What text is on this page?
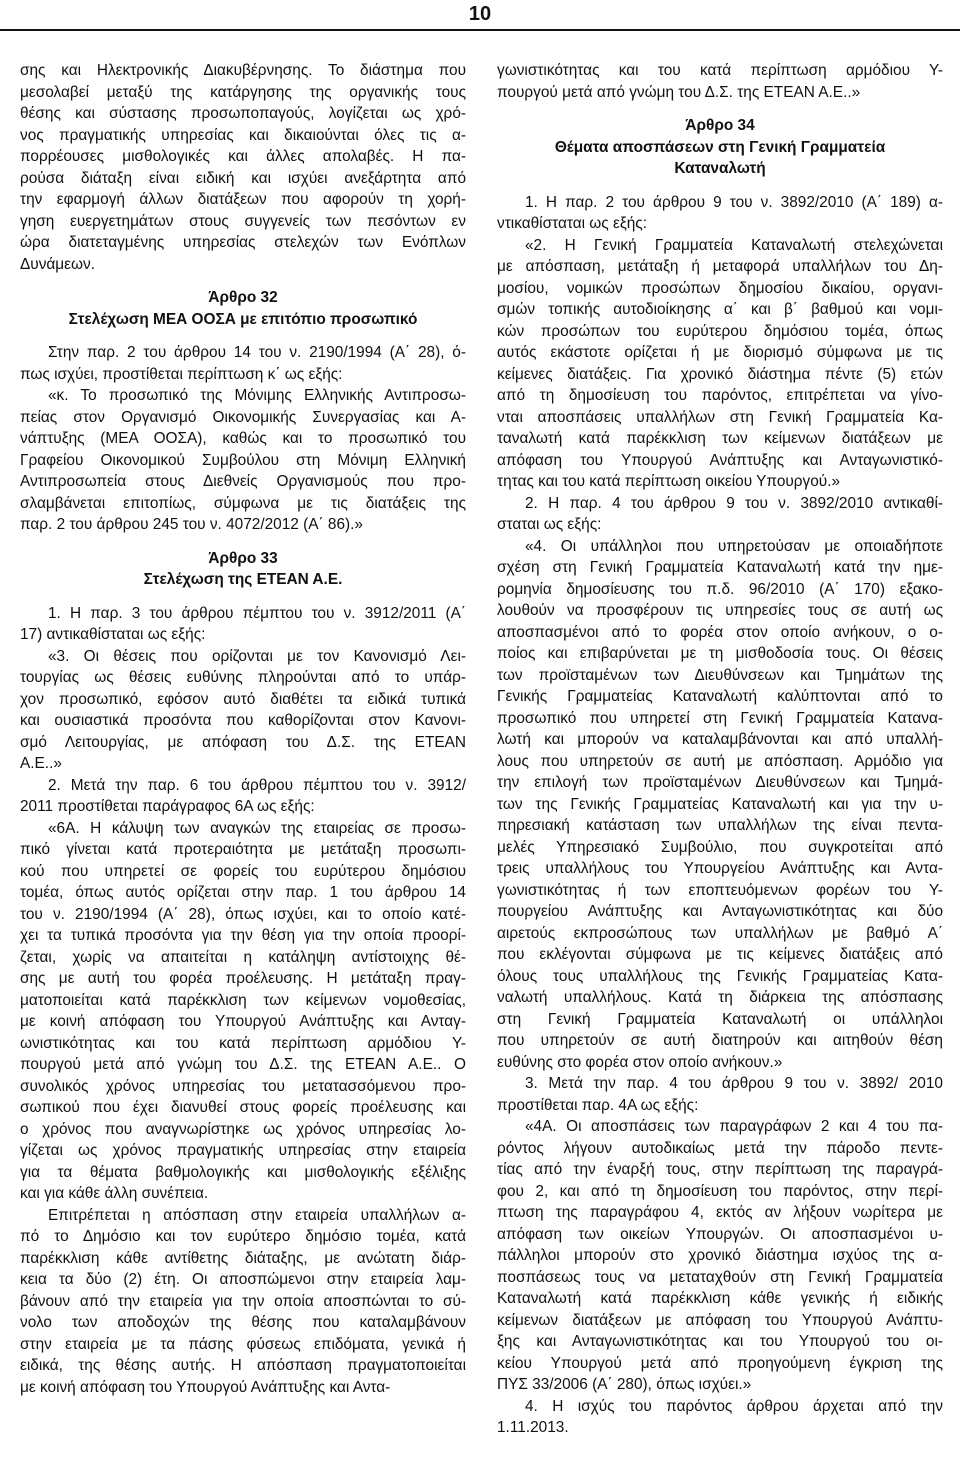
10
σης και Ηλεκτρονικής Διακυβέρνησης. Το διάστημα που
μεσολαβεί μεταξύ της κατάργησης της οργανικής τους
θέσης και σύστασης προσωποπαγούς, λογίζεται ως χρό-
νος πραγματικής υπηρεσίας και δικαιούνται όλες τις α-
πορρέουσες μισθολογικές και άλλες απολαβές. Η πα-
ρούσα διάταξη είναι ειδική και ισχύει ανεξάρτητα από
την εφαρμογή άλλων διατάξεων που αφορούν τη χορή-
γηση ευεργετημάτων στους συγγενείς των πεσόντων εν
ώρα διατεταγμένης υπηρεσίας στελεχών των Ενόπλων
Δυνάμεων.
Άρθρο 32
Στελέχωση ΜΕΑ ΟΟΣΑ με επιτόπιο προσωπικό
Στην παρ. 2 του άρθρου 14 του ν. 2190/1994 (Α΄ 28), ό-
πως ισχύει, προστίθεται περίπτωση κ΄ ως εξής:
«κ. Το προσωπικό της Μόνιμης Ελληνικής Αντιπροσω-
πείας στον Οργανισμό Οικονομικής Συνεργασίας και Α-
νάπτυξης (ΜΕΑ ΟΟΣΑ), καθώς και το προσωπικό του
Γραφείου Οικονομικού Συμβούλου στη Μόνιμη Ελληνική
Αντιπροσωπεία στους Διεθνείς Οργανισμούς που προ-
σλαμβάνεται επιτοπίως, σύμφωνα με τις διατάξεις της
παρ. 2 του άρθρου 245 του ν. 4072/2012 (Α΄ 86).»
Άρθρο 33
Στελέχωση της ΕΤΕΑΝ Α.Ε.
1. Η παρ. 3 του άρθρου πέμπτου του ν. 3912/2011 (Α΄
17) αντικαθίσταται ως εξής:
«3. Οι θέσεις που ορίζονται με τον Κανονισμό Λει-
τουργίας ως θέσεις ευθύνης πληρούνται από το υπάρ-
χον προσωπικό, εφόσον αυτό διαθέτει τα ειδικά τυπικά
και ουσιαστικά προσόντα που καθορίζονται στον Κανονι-
σμό Λειτουργίας, με απόφαση του Δ.Σ. της ΕΤΕΑΝ
Α.Ε..»
2. Μετά την παρ. 6 του άρθρου πέμπτου του ν. 3912/
2011 προστίθεται παράγραφος 6Α ως εξής:
«6Α. Η κάλυψη των αναγκών της εταιρείας σε προσω-
πικό γίνεται κατά προτεραιότητα με μετάταξη προσωπι-
κού που υπηρετεί σε φορείς του ευρύτερου δημόσιου
τομέα, όπως αυτός ορίζεται στην παρ. 1 του άρθρου 14
του ν. 2190/1994 (Α΄ 28), όπως ισχύει, και το οποίο κατέ-
χει τα τυπικά προσόντα για την θέση για την οποία προορί-
ζεται, χωρίς να απαιτείται η κατάληψη αντίστοιχης θέ-
σης με αυτή του φορέα προέλευσης. Η μετάταξη πραγ-
ματοποιείται κατά παρέκκλιση των κείμενων νομοθεσίας,
με κοινή απόφαση του Υπουργού Ανάπτυξης και Ανταγ-
ωνιστικότητας και του κατά περίπτωση αρμόδιου Υ-
πουργού μετά από γνώμη του Δ.Σ. της ΕΤΕΑΝ Α.Ε.. Ο
συνολικός χρόνος υπηρεσίας του μετατασσόμενου προ-
σωπικού που έχει διανυθεί στους φορείς προέλευσης και
ο χρόνος που αναγνωρίστηκε ως χρόνος υπηρεσίας λο-
γίζεται ως χρόνος πραγματικής υπηρεσίας στην εταιρεία
για τα θέματα βαθμολογικής και μισθολογικής εξέλιξης
και για κάθε άλλη συνέπεια.
Επιτρέπεται η απόσπαση στην εταιρεία υπαλλήλων α-
πό το Δημόσιο και τον ευρύτερο δημόσιο τομέα, κατά
παρέκκλιση κάθε αντίθετης διάταξης, με ανώτατη διάρ-
κεια τα δύο (2) έτη. Οι αποσπώμενοι στην εταιρεία λαμ-
βάνουν από την εταιρεία για την οποία αποσπώνται το σύ-
νολο των αποδοχών της θέσης που καταλαμβάνουν
στην εταιρεία με τα πάσης φύσεως επιδόματα, γενικά ή
ειδικά, της θέσης αυτής. Η απόσπαση πραγματοποιείται
με κοινή απόφαση του Υπουργού Ανάπτυξης και Αντα-
γωνιστικότητας και του κατά περίπτωση αρμόδιου Υ-
πουργού μετά από γνώμη του Δ.Σ. της ΕΤΕΑΝ Α.Ε..»
Άρθρο 34
Θέματα αποσπάσεων στη Γενική Γραμματεία
Καταναλωτή
1. Η παρ. 2 του άρθρου 9 του ν. 3892/2010 (Α΄ 189) α-
ντικαθίσταται ως εξής:
«2. Η Γενική Γραμματεία Καταναλωτή στελεχώνεται
με απόσπαση, μετάταξη ή μεταφορά υπαλλήλων του Δη-
μοσίου, νομικών προσώπων δημοσίου δικαίου, οργανι-
σμών τοπικής αυτοδιοίκησης α΄ και β΄ βαθμού και νομι-
κών προσώπων του ευρύτερου δημόσιου τομέα, όπως
αυτός εκάστοτε ορίζεται ή με διορισμό σύμφωνα με τις
κείμενες διατάξεις. Για χρονικό διάστημα πέντε (5) ετών
από τη δημοσίευση του παρόντος, επιτρέπεται να γίνο-
νται αποσπάσεις υπαλλήλων στη Γενική Γραμματεία Κα-
ταναλωτή κατά παρέκκλιση των κείμενων διατάξεων με
απόφαση του Υπουργού Ανάπτυξης και Ανταγωνιστικό-
τητας και του κατά περίπτωση οικείου Υπουργού.»
2. Η παρ. 4 του άρθρου 9 του ν. 3892/2010 αντικαθί-
σταται ως εξής:
«4. Οι υπάλληλοι που υπηρετούσαν με οποιαδήποτε
σχέση στη Γενική Γραμματεία Καταναλωτή κατά την ημε-
ρομηνία δημοσίευσης του π.δ. 96/2010 (Α΄ 170) εξακο-
λουθούν να προσφέρουν τις υπηρεσίες τους σε αυτή ως
αποσπασμένοι από το φορέα στον οποίο ανήκουν, ο ο-
ποίος και επιβαρύνεται με τη μισθοδοσία τους. Οι θέσεις
των προϊσταμένων των Διευθύνσεων και Τμημάτων της
Γενικής Γραμματείας Καταναλωτή καλύπτονται από το
προσωπικό που υπηρετεί στη Γενική Γραμματεία Κατανα-
λωτή και μπορούν να καταλαμβάνονται και από υπαλλή-
λους που υπηρετούν σε αυτή με απόσπαση. Αρμόδιο για
την επιλογή των προϊσταμένων Διευθύνσεων και Τμημά-
των της Γενικής Γραμματείας Καταναλωτή και για την υ-
πηρεσιακή κατάσταση των υπαλλήλων της είναι πεντα-
μελές Υπηρεσιακό Συμβούλιο, που συγκροτείται από
τρεις υπαλλήλους του Υπουργείου Ανάπτυξης και Αντα-
γωνιστικότητας ή των εποπτευόμενων φορέων του Υ-
πουργείου Ανάπτυξης και Ανταγωνιστικότητας και δύο
αιρετούς εκπροσώπους των υπαλλήλων με βαθμό Α΄
που εκλέγονται σύμφωνα με τις κείμενες διατάξεις από
όλους τους υπαλλήλους της Γενικής Γραμματείας Κατα-
ναλωτή υπαλλήλους. Κατά τη διάρκεια της απόσπασης
στη Γενική Γραμματεία Καταναλωτή οι υπάλληλοι
που υπηρετούν σε αυτή διατηρούν και αιτηθούν θέση
ευθύνης στο φορέα στον οποίο ανήκουν.»
3. Μετά την παρ. 4 του άρθρου 9 του ν. 3892/ 2010
προστίθεται παρ. 4Α ως εξής:
«4Α. Οι αποσπάσεις των παραγράφων 2 και 4 του πα-
ρόντος λήγουν αυτοδικαίως μετά την πάροδο πεντε-
τίας από την έναρξή τους, στην περίπτωση της παραγρά-
φου 2, και από τη δημοσίευση του παρόντος, στην περί-
πτωση της παραγράφου 4, εκτός αν λήξουν νωρίτερα με
απόφαση των οικείων Υπουργών. Οι αποσπασμένοι υ-
πάλληλοι μπορούν στο χρονικό διάστημα ισχύος της α-
ποσπάσεως τους να μεταταχθούν στη Γενική Γραμματεία
Καταναλωτή κατά παρέκκλιση κάθε γενικής ή ειδικής
κείμενων διατάξεων με απόφαση του Υπουργού Ανάπτυ-
ξης και Ανταγωνιστικότητας και του Υπουργού του οι-
κείου Υπουργού μετά από προηγούμενη έγκριση της
ΠΥΣ 33/2006 (Α΄ 280), όπως ισχύει.»
4. Η ισχύς του παρόντος άρθρου άρχεται από την
1.11.2013.
